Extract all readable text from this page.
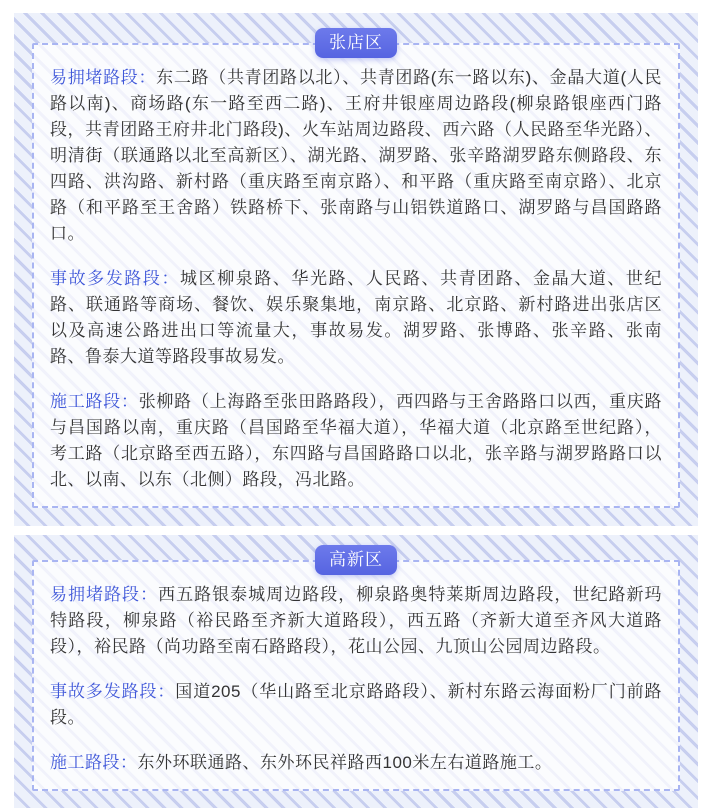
张店区

易拥堵路段：东二路（共青团路以北）、共青团路(东一路以东)、金晶大道(人民路以南)、商场路(东一路至西二路)、王府井银座周边路段(柳泉路银座西门路段，共青团路王府井北门路段)、火车站周边路段、西六路（人民路至华光路）、明清街（联通路以北至高新区）、湖光路、湖罗路、张辛路湖罗路东侧路段、东四路、洪沟路、新村路（重庆路至南京路）、和平路（重庆路至南京路）、北京路（和平路至王舍路）铁路桥下、张南路与山铝铁道路口、湖罗路与昌国路路口。

事故多发路段：城区柳泉路、华光路、人民路、共青团路、金晶大道、世纪路、联通路等商场、餐饮、娱乐聚集地，南京路、北京路、新村路进出张店区以及高速公路进出口等流量大，事故易发。湖罗路、张博路、张辛路、张南路、鲁泰大道等路段事故易发。

施工路段：张柳路（上海路至张田路路段），西四路与王舍路路口以西，重庆路与昌国路以南，重庆路（昌国路至华福大道），华福大道（北京路至世纪路），考工路（北京路至西五路），东四路与昌国路路口以北，张辛路与湖罗路路口以北、以南、以东（北侧）路段，冯北路。

高新区

易拥堵路段：西五路银泰城周边路段，柳泉路奥特莱斯周边路段，世纪路新玛特路段，柳泉路（裕民路至齐新大道路段），西五路（齐新大道至齐风大道路段），裕民路（尚功路至南石路路段），花山公园、九顶山公园周边路段。

事故多发路段：国道205（华山路至北京路路段）、新村东路云海面粉厂门前路段。

施工路段：东外环联通路、东外环民祥路西100米左右道路施工。
